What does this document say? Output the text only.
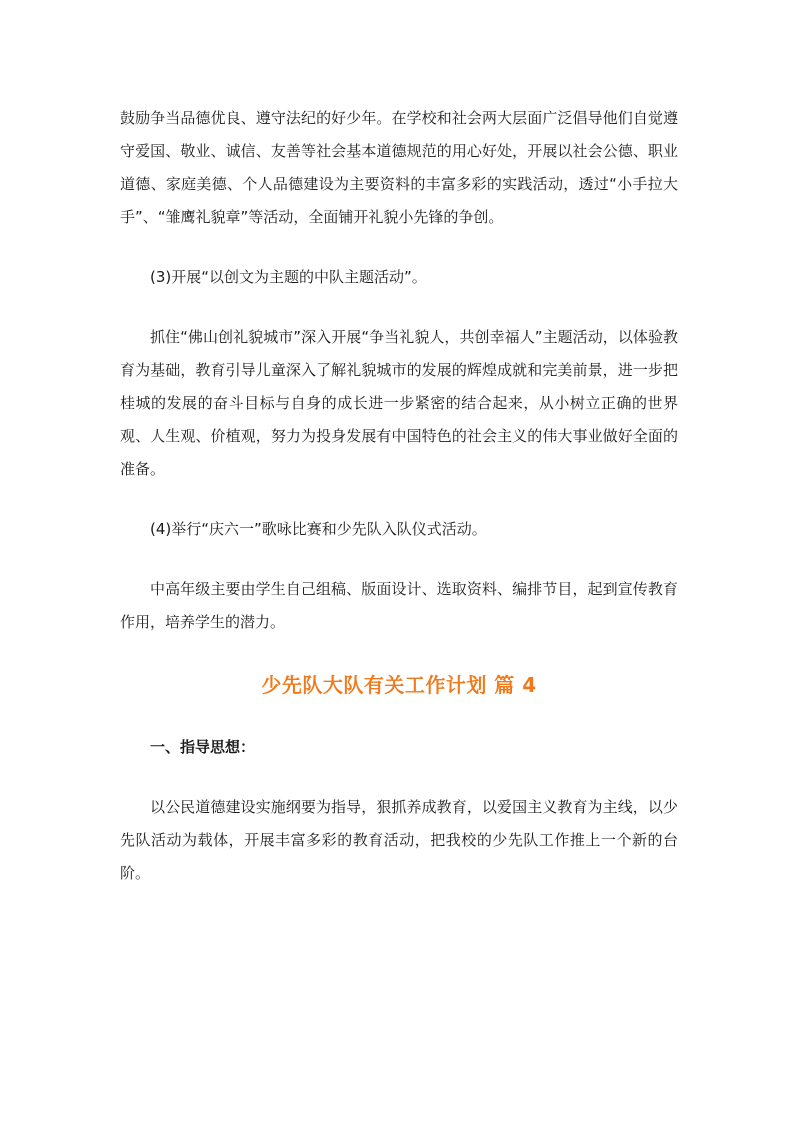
鼓励争当品德优良、遵守法纪的好少年。在学校和社会两大层面广泛倡导他们自觉遵守爱国、敬业、诚信、友善等社会基本道德规范的用心好处，开展以社会公德、职业道德、家庭美德、个人品德建设为主要资料的丰富多彩的实践活动，透过“小手拉大手”、“雏鹰礼貌章”等活动，全面铺开礼貌小先锋的争创。

(3)开展“以创文为主题的中队主题活动”。

抓住“佛山创礼貌城市”深入开展“争当礼貌人，共创幸福人”主题活动，以体验教育为基础，教育引导儿童深入了解礼貌城市的发展的辉煌成就和完美前景，进一步把桂城的发展的奋斗目标与自身的成长进一步紧密的结合起来，从小树立正确的世界观、人生观、价植观，努力为投身发展有中国特色的社会主义的伟大事业做好全面的准备。

(4)举行“庆六一”歌咏比赛和少先队入队仪式活动。

中高年级主要由学生自己组稿、版面设计、选取资料、编排节目，起到宣传教育作用，培养学生的潜力。

少先队大队有关工作计划 篇 4

一、指导思想：

以公民道德建设实施纲要为指导，狠抓养成教育，以爱国主义教育为主线，以少先队活动为载体，开展丰富多彩的教育活动，把我校的少先队工作推上一个新的台阶。
